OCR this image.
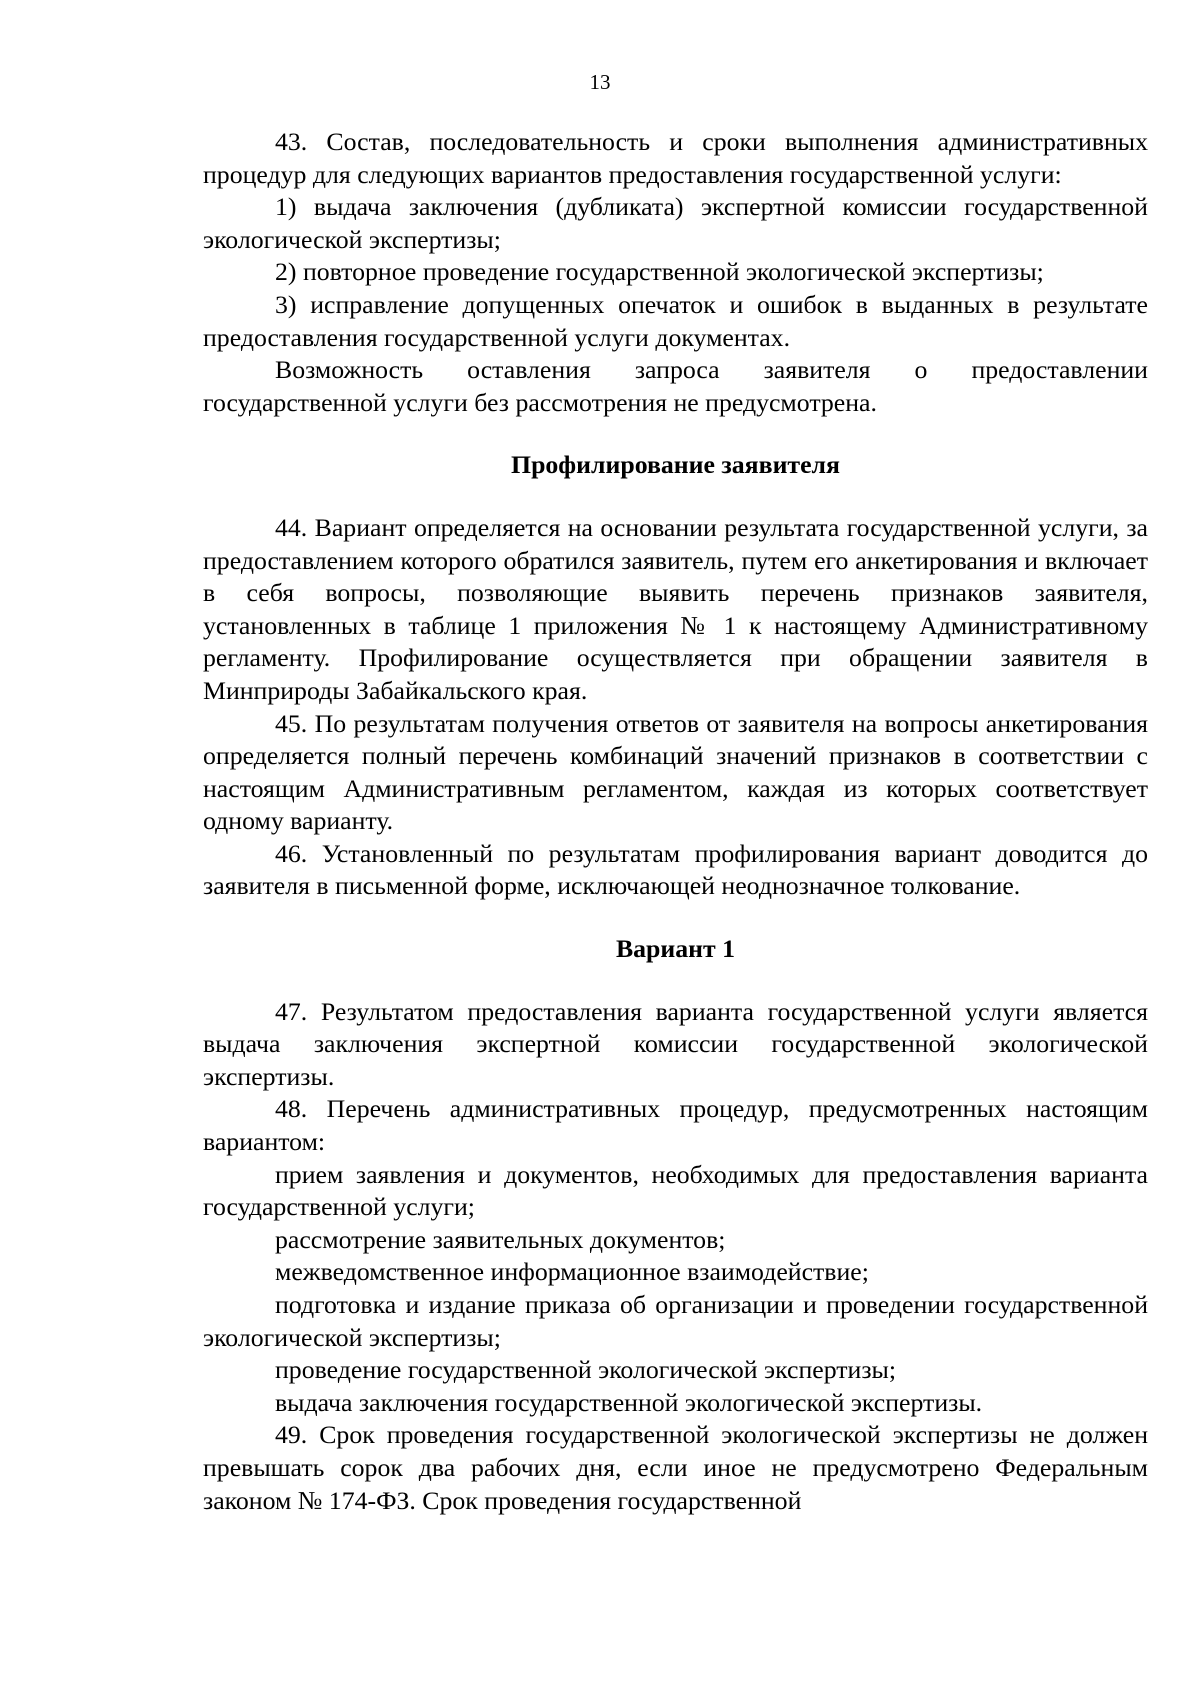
13

43. Состав, последовательность и сроки выполнения административных процедур для следующих вариантов предоставления государственной услуги:

1) выдача заключения (дубликата) экспертной комиссии государственной экологической экспертизы;

2) повторное проведение государственной экологической экспертизы;

3) исправление допущенных опечаток и ошибок в выданных в результате предоставления государственной услуги документах.

Возможность оставления запроса заявителя о предоставлении государственной услуги без рассмотрения не предусмотрена.

Профилирование заявителя

44. Вариант определяется на основании результата государственной услуги, за предоставлением которого обратился заявитель, путем его анкетирования и включает в себя вопросы, позволяющие выявить перечень признаков заявителя, установленных в таблице 1 приложения № 1 к настоящему Административному регламенту. Профилирование осуществляется при обращении заявителя в Минприроды Забайкальского края.

45. По результатам получения ответов от заявителя на вопросы анкетирования определяется полный перечень комбинаций значений признаков в соответствии с настоящим Административным регламентом, каждая из которых соответствует одному варианту.

46. Установленный по результатам профилирования вариант доводится до заявителя в письменной форме, исключающей неоднозначное толкование.

Вариант 1

47. Результатом предоставления варианта государственной услуги является выдача заключения экспертной комиссии государственной экологической экспертизы.

48. Перечень административных процедур, предусмотренных настоящим вариантом:

прием заявления и документов, необходимых для предоставления варианта государственной услуги;

рассмотрение заявительных документов;

межведомственное информационное взаимодействие;

подготовка и издание приказа об организации и проведении государственной экологической экспертизы;

проведение государственной экологической экспертизы;

выдача заключения государственной экологической экспертизы.

49. Срок проведения государственной экологической экспертизы не должен превышать сорок два рабочих дня, если иное не предусмотрено Федеральным законом № 174-ФЗ. Срок проведения государственной
